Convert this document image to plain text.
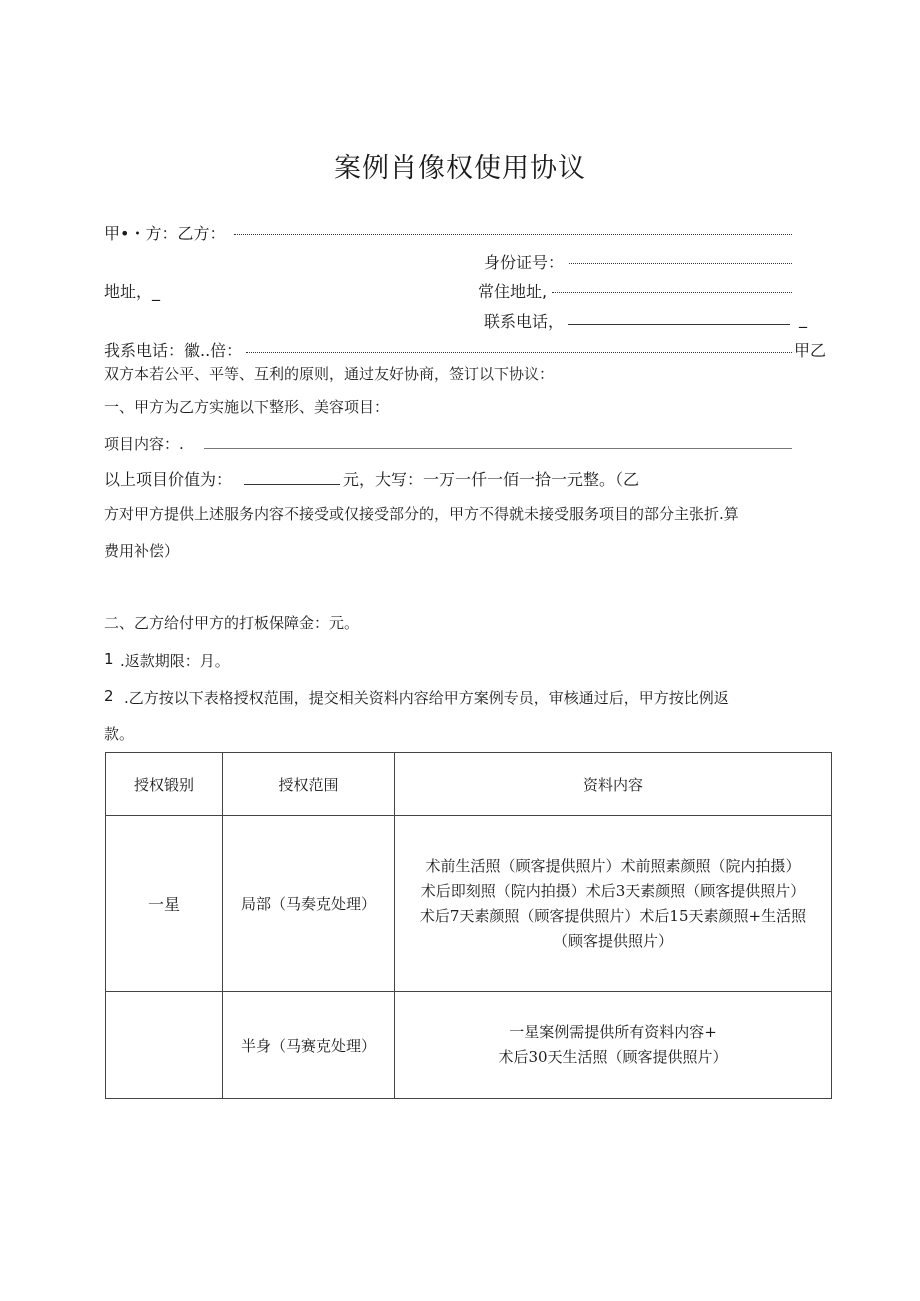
案例肖像权使用协议
甲•・方：乙方：
身份证号：
地址，_	常住地址,
联系电话，	_
我系电话：徽..倍：	甲乙
双方本若公平、平等、互利的原则，通过友好协商，签订以下协议：
一、甲方为乙方实施以下整形、美容项目：
项目内容：.
以上项目价值为：	元，大写：一万一仟一佰一拾一元整。（乙
方对甲方提供上述服务内容不接受或仅接受部分的，甲方不得就未接受服务项目的部分主张折.算
费用补偿）
二、乙方给付甲方的打板保障金：元。
1 .返款期限：月。
2 .乙方按以下表格授权范围，提交相关资料内容给甲方案例专员，审核通过后，甲方按比例返
款。
授权锻别	授权范围	资料内容
一星	局部（马奏克处理）	术前生活照（顾客提供照片）术前照素颜照（院内拍摄）
术后即刻照（院内拍摄）术后3天素颜照（顾客提供照片）
术后7天素颜照（顾客提供照片）术后15天素颜照+生活照
（顾客提供照片）

	半身（马赛克处理）	一星案例需提供所有资料内容+
术后30天生活照（顾客提供照片）
